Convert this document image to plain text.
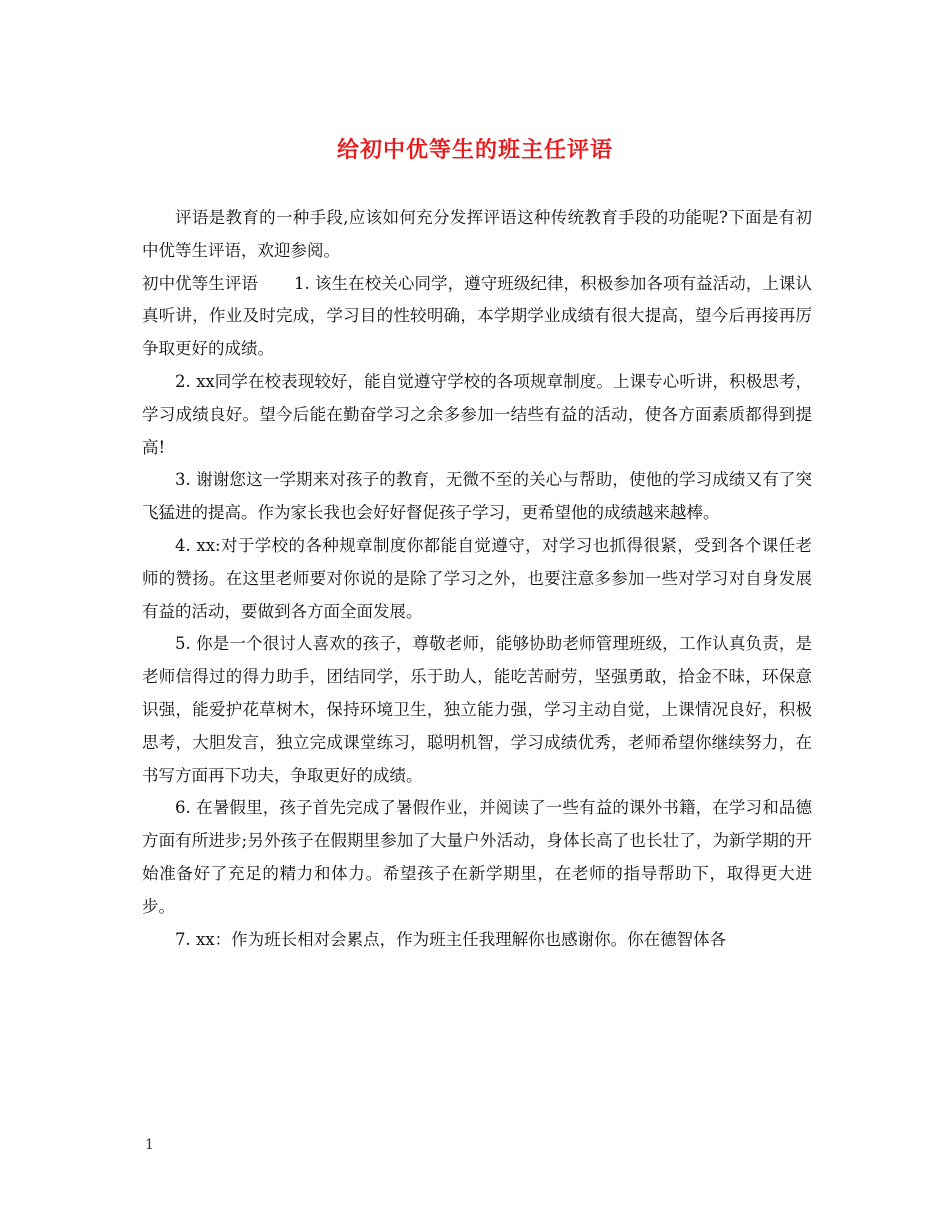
给初中优等生的班主任评语

评语是教育的一种手段,应该如何充分发挥评语这种传统教育手段的功能呢?下面是有初中优等生评语，欢迎参阅。

初中优等生评语 1. 该生在校关心同学，遵守班级纪律，积极参加各项有益活动，上课认真听讲，作业及时完成，学习目的性较明确，本学期学业成绩有很大提高，望今后再接再厉争取更好的成绩。

2. xx同学在校表现较好，能自觉遵守学校的各项规章制度。上课专心听讲，积极思考，学习成绩良好。望今后能在勤奋学习之余多参加一结些有益的活动，使各方面素质都得到提高!

3. 谢谢您这一学期来对孩子的教育，无微不至的关心与帮助，使他的学习成绩又有了突飞猛进的提高。作为家长我也会好好督促孩子学习，更希望他的成绩越来越棒。

4. xx:对于学校的各种规章制度你都能自觉遵守，对学习也抓得很紧，受到各个课任老师的赞扬。在这里老师要对你说的是除了学习之外，也要注意多参加一些对学习对自身发展有益的活动，要做到各方面全面发展。

5. 你是一个很讨人喜欢的孩子，尊敬老师，能够协助老师管理班级，工作认真负责，是老师信得过的得力助手，团结同学，乐于助人，能吃苦耐劳，坚强勇敢，拾金不昧，环保意识强，能爱护花草树木，保持环境卫生，独立能力强，学习主动自觉，上课情况良好，积极思考，大胆发言，独立完成课堂练习，聪明机智，学习成绩优秀，老师希望你继续努力，在书写方面再下功夫，争取更好的成绩。

6. 在暑假里，孩子首先完成了暑假作业，并阅读了一些有益的课外书籍，在学习和品德方面有所进步;另外孩子在假期里参加了大量户外活动，身体长高了也长壮了，为新学期的开始准备好了充足的精力和体力。希望孩子在新学期里，在老师的指导帮助下，取得更大进步。

7. xx：作为班长相对会累点，作为班主任我理解你也感谢你。你在德智体各

1
